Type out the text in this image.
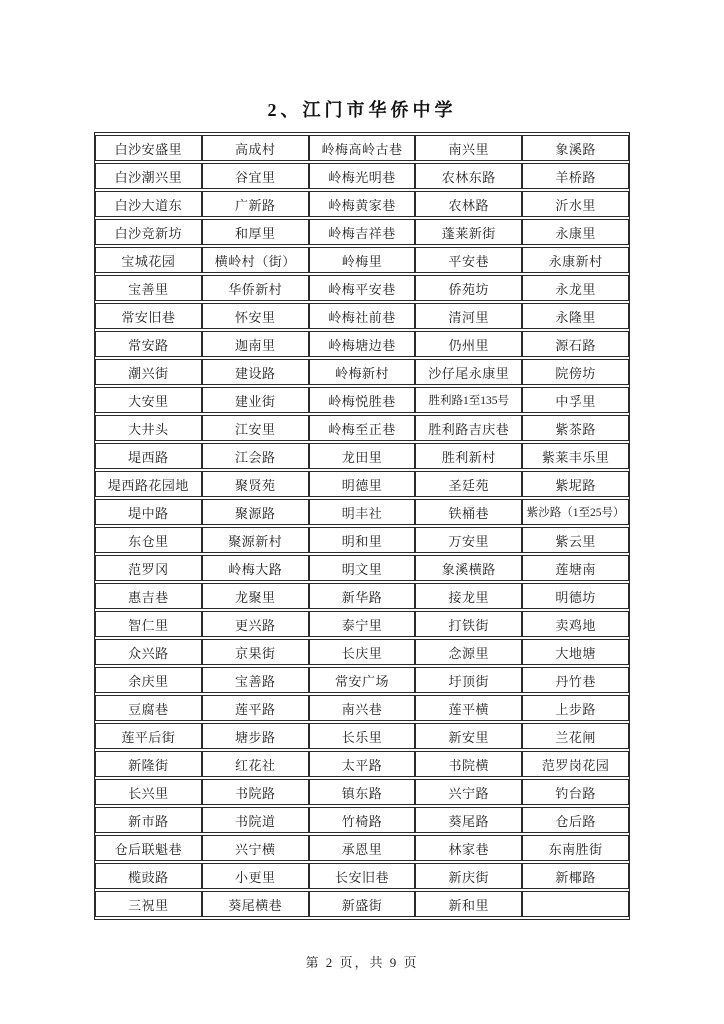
2、江门市华侨中学
白沙安盛里	高成村	岭梅高岭古巷	南兴里	象溪路
白沙潮兴里	谷宜里	岭梅光明巷	农林东路	羊桥路
白沙大道东	广新路	岭梅黄家巷	农林路	沂水里
白沙竞新坊	和厚里	岭梅吉祥巷	蓬莱新街	永康里
宝城花园	横岭村（街）	岭梅里	平安巷	永康新村
宝善里	华侨新村	岭梅平安巷	侨苑坊	永龙里
常安旧巷	怀安里	岭梅社前巷	清河里	永隆里
常安路	迦南里	岭梅塘边巷	仍州里	源石路
潮兴街	建设路	岭梅新村	沙仔尾永康里	院傍坊
大安里	建业街	岭梅悦胜巷	胜利路1至135号	中孚里
大井头	江安里	岭梅至正巷	胜利路吉庆巷	紫茶路
堤西路	江会路	龙田里	胜利新村	紫莱丰乐里
堤西路花园地	聚贤苑	明德里	圣廷苑	紫坭路
堤中路	聚源路	明丰社	铁桶巷	紫沙路（1至25号）
东仓里	聚源新村	明和里	万安里	紫云里
范罗冈	岭梅大路	明文里	象溪横路	莲塘南
惠吉巷	龙聚里	新华路	接龙里	明德坊
智仁里	更兴路	泰宁里	打铁街	卖鸡地
众兴路	京果街	长庆里	念源里	大地塘
余庆里	宝善路	常安广场	圩顶街	丹竹巷
豆腐巷	莲平路	南兴巷	莲平横	上步路
莲平后街	塘步路	长乐里	新安里	兰花闸
新隆街	红花社	太平路	书院横	范罗岗花园
长兴里	书院路	镇东路	兴宁路	钓台路
新市路	书院道	竹椅路	葵尾路	仓后路
仓后联魁巷	兴宁横	承恩里	林家巷	东南胜街
榄豉路	小更里	长安旧巷	新庆街	新椰路
三祝里	葵尾横巷	新盛街	新和里	
第 2 页，共 9 页
